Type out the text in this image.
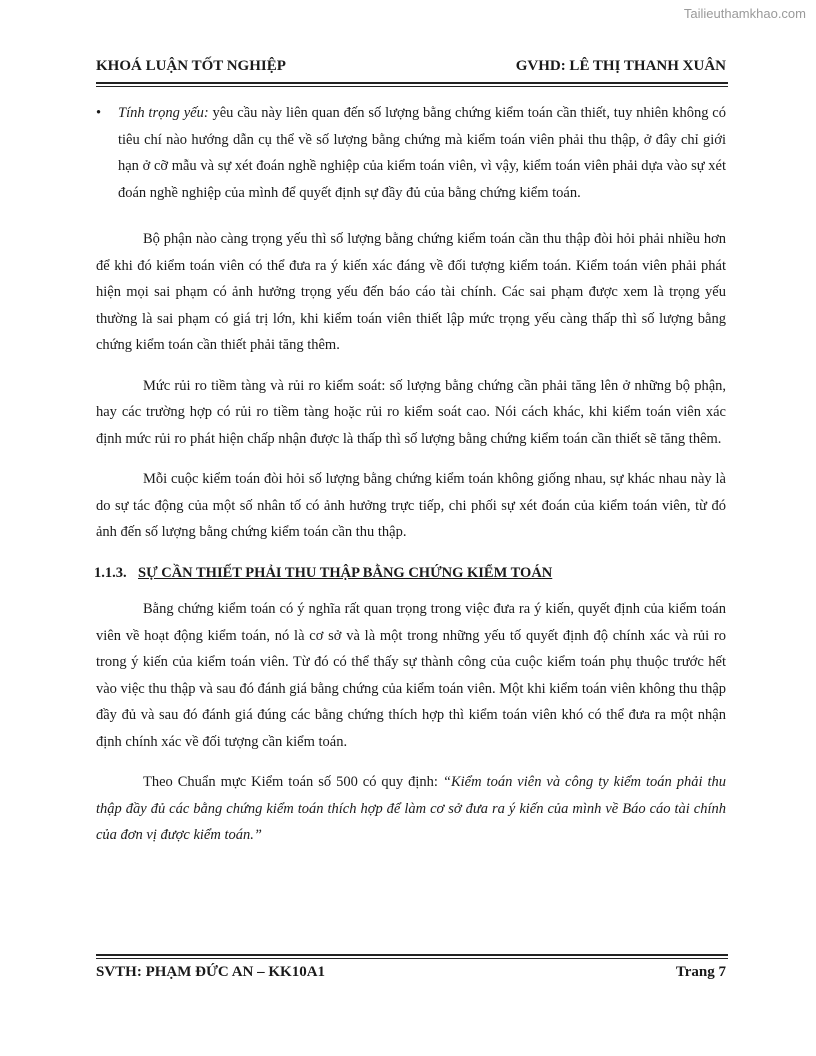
Tailieuthamkhao.com
KHOÁ LUẬN TỐT NGHIỆP	GVHD: LÊ THỊ THANH XUÂN
•	Tính trọng yếu: yêu cầu này liên quan đến số lượng bằng chứng kiểm toán cần thiết, tuy nhiên không có tiêu chí nào hướng dẫn cụ thể về số lượng bằng chứng mà kiểm toán viên phải thu thập, ở đây chỉ giới hạn ở cỡ mẫu và sự xét đoán nghề nghiệp của kiểm toán viên, vì vậy, kiểm toán viên phải dựa vào sự xét đoán nghề nghiệp của mình để quyết định sự đầy đủ của bằng chứng kiểm toán.

Bộ phận nào càng trọng yếu thì số lượng bằng chứng kiểm toán cần thu thập đòi hỏi phải nhiều hơn để khi đó kiểm toán viên có thể đưa ra ý kiến xác đáng về đối tượng kiểm toán. Kiểm toán viên phải phát hiện mọi sai phạm có ảnh hưởng trọng yếu đến báo cáo tài chính. Các sai phạm được xem là trọng yếu thường là sai phạm có giá trị lớn, khi kiểm toán viên thiết lập mức trọng yếu càng thấp thì số lượng bằng chứng kiểm toán cần thiết phải tăng thêm.

Mức rủi ro tiềm tàng và rủi ro kiểm soát: số lượng bằng chứng cần phải tăng lên ở những bộ phận, hay các trường hợp có rủi ro tiềm tàng hoặc rủi ro kiểm soát cao. Nói cách khác, khi kiểm toán viên xác định mức rủi ro phát hiện chấp nhận được là thấp thì số lượng bằng chứng kiểm toán cần thiết sẽ tăng thêm.

Mỗi cuộc kiểm toán đòi hỏi số lượng bằng chứng kiểm toán không giống nhau, sự khác nhau này là do sự tác động của một số nhân tố có ảnh hưởng trực tiếp, chi phối sự xét đoán của kiểm toán viên, từ đó ảnh đến số lượng bằng chứng kiểm toán cần thu thập.

1.1.3. SỰ CẦN THIẾT PHẢI THU THẬP BẰNG CHỨNG KIỂM TOÁN

Bằng chứng kiểm toán có ý nghĩa rất quan trọng trong việc đưa ra ý kiến, quyết định của kiểm toán viên về hoạt động kiểm toán, nó là cơ sở và là một trong những yếu tố quyết định độ chính xác và rủi ro trong ý kiến của kiểm toán viên. Từ đó có thể thấy sự thành công của cuộc kiểm toán phụ thuộc trước hết vào việc thu thập và sau đó đánh giá bằng chứng của kiểm toán viên. Một khi kiểm toán viên không thu thập đầy đủ và sau đó đánh giá đúng các bằng chứng thích hợp thì kiểm toán viên khó có thể đưa ra một nhận định chính xác về đối tượng cần kiểm toán.

Theo Chuẩn mực Kiểm toán số 500 có quy định: “Kiểm toán viên và công ty kiểm toán phải thu thập đầy đủ các bằng chứng kiểm toán thích hợp để làm cơ sở đưa ra ý kiến của mình về Báo cáo tài chính của đơn vị được kiểm toán.”

SVTH: PHẠM ĐỨC AN – KK10A1	Trang 7
